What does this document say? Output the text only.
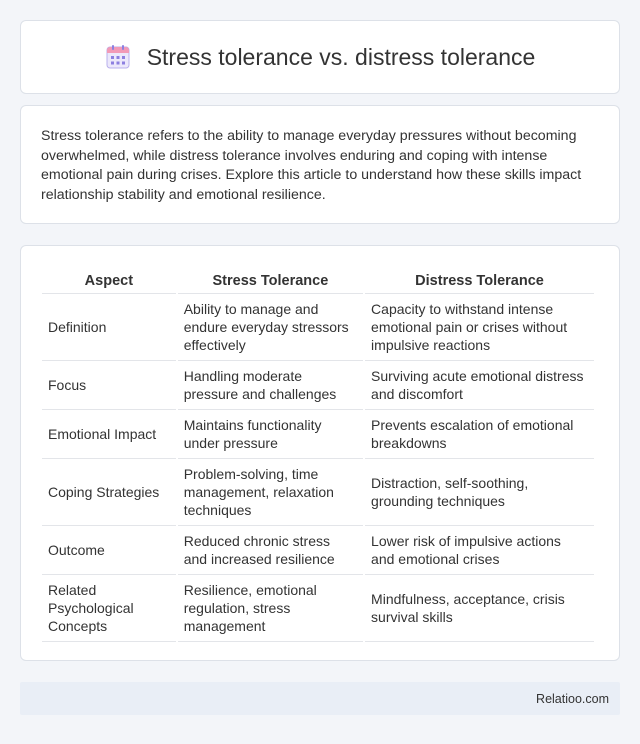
Stress tolerance vs. distress tolerance

Stress tolerance refers to the ability to manage everyday pressures without becoming overwhelmed, while distress tolerance involves enduring and coping with intense emotional pain during crises. Explore this article to understand how these skills impact relationship stability and emotional resilience.

Aspect	Stress Tolerance	Distress Tolerance
Definition	Ability to manage and endure everyday stressors effectively	Capacity to withstand intense emotional pain or crises without impulsive reactions
Focus	Handling moderate pressure and challenges	Surviving acute emotional distress and discomfort
Emotional Impact	Maintains functionality under pressure	Prevents escalation of emotional breakdowns
Coping Strategies	Problem-solving, time management, relaxation techniques	Distraction, self-soothing, grounding techniques
Outcome	Reduced chronic stress and increased resilience	Lower risk of impulsive actions and emotional crises
Related Psychological Concepts	Resilience, emotional regulation, stress management	Mindfulness, acceptance, crisis survival skills
Relatioo.com
